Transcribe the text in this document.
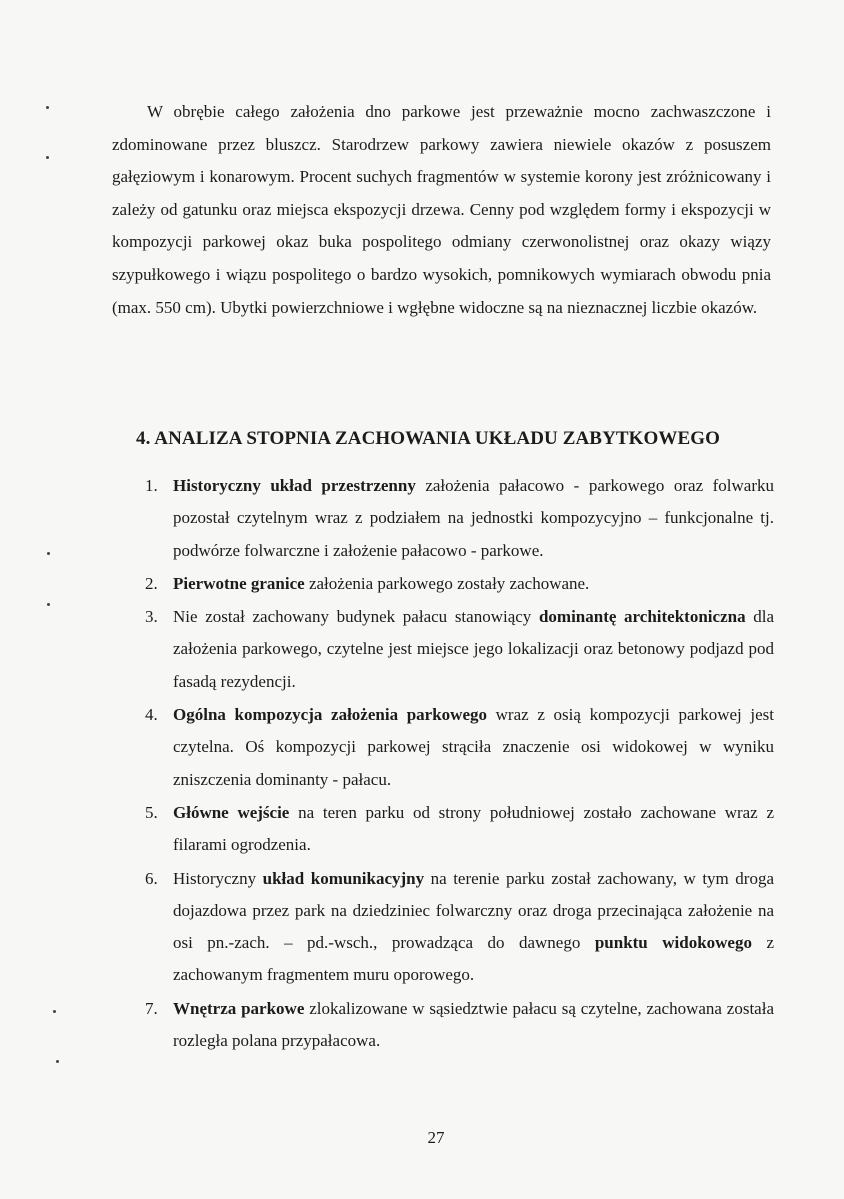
W obrębie całego założenia dno parkowe jest przeważnie mocno zachwaszczone i zdominowane przez bluszcz. Starodrzew parkowy zawiera niewiele okazów z posuszem gałęziowym i konarowym. Procent suchych fragmentów w systemie korony jest zróżnicowany i zależy od gatunku oraz miejsca ekspozycji drzewa. Cenny pod względem formy i ekspozycji w kompozycji parkowej okaz buka pospolitego odmiany czerwonolistnej oraz okazy wiązy szypułkowego i wiązu pospolitego o bardzo wysokich, pomnikowych wymiarach obwodu pnia (max. 550 cm). Ubytki powierzchniowe i wgłębne widoczne są na nieznacznej liczbie okazów.

4. ANALIZA STOPNIA ZACHOWANIA UKŁADU ZABYTKOWEGO
1. Historyczny układ przestrzenny założenia pałacowo - parkowego oraz folwarku pozostał czytelnym wraz z podziałem na jednostki kompozycyjno – funkcjonalne tj. podwórze folwarczne i założenie pałacowo - parkowe.
2. Pierwotne granice założenia parkowego zostały zachowane.
3. Nie został zachowany budynek pałacu stanowiący dominantę architektoniczna dla założenia parkowego, czytelne jest miejsce jego lokalizacji oraz betonowy podjazd pod fasadą rezydencji.
4. Ogólna kompozycja założenia parkowego wraz z osią kompozycji parkowej jest czytelna. Oś kompozycji parkowej strąciła znaczenie osi widokowej w wyniku zniszczenia dominanty - pałacu.
5. Główne wejście na teren parku od strony południowej zostało zachowane wraz z filarami ogrodzenia.
6. Historyczny układ komunikacyjny na terenie parku został zachowany, w tym droga dojazdowa przez park na dziedziniec folwarczny oraz droga przecinająca założenie na osi pn.-zach. – pd.-wsch., prowadząca do dawnego punktu widokowego z zachowanym fragmentem muru oporowego.
7. Wnętrza parkowe zlokalizowane w sąsiedztwie pałacu są czytelne, zachowana została rozległa polana przypałacowa.
27
